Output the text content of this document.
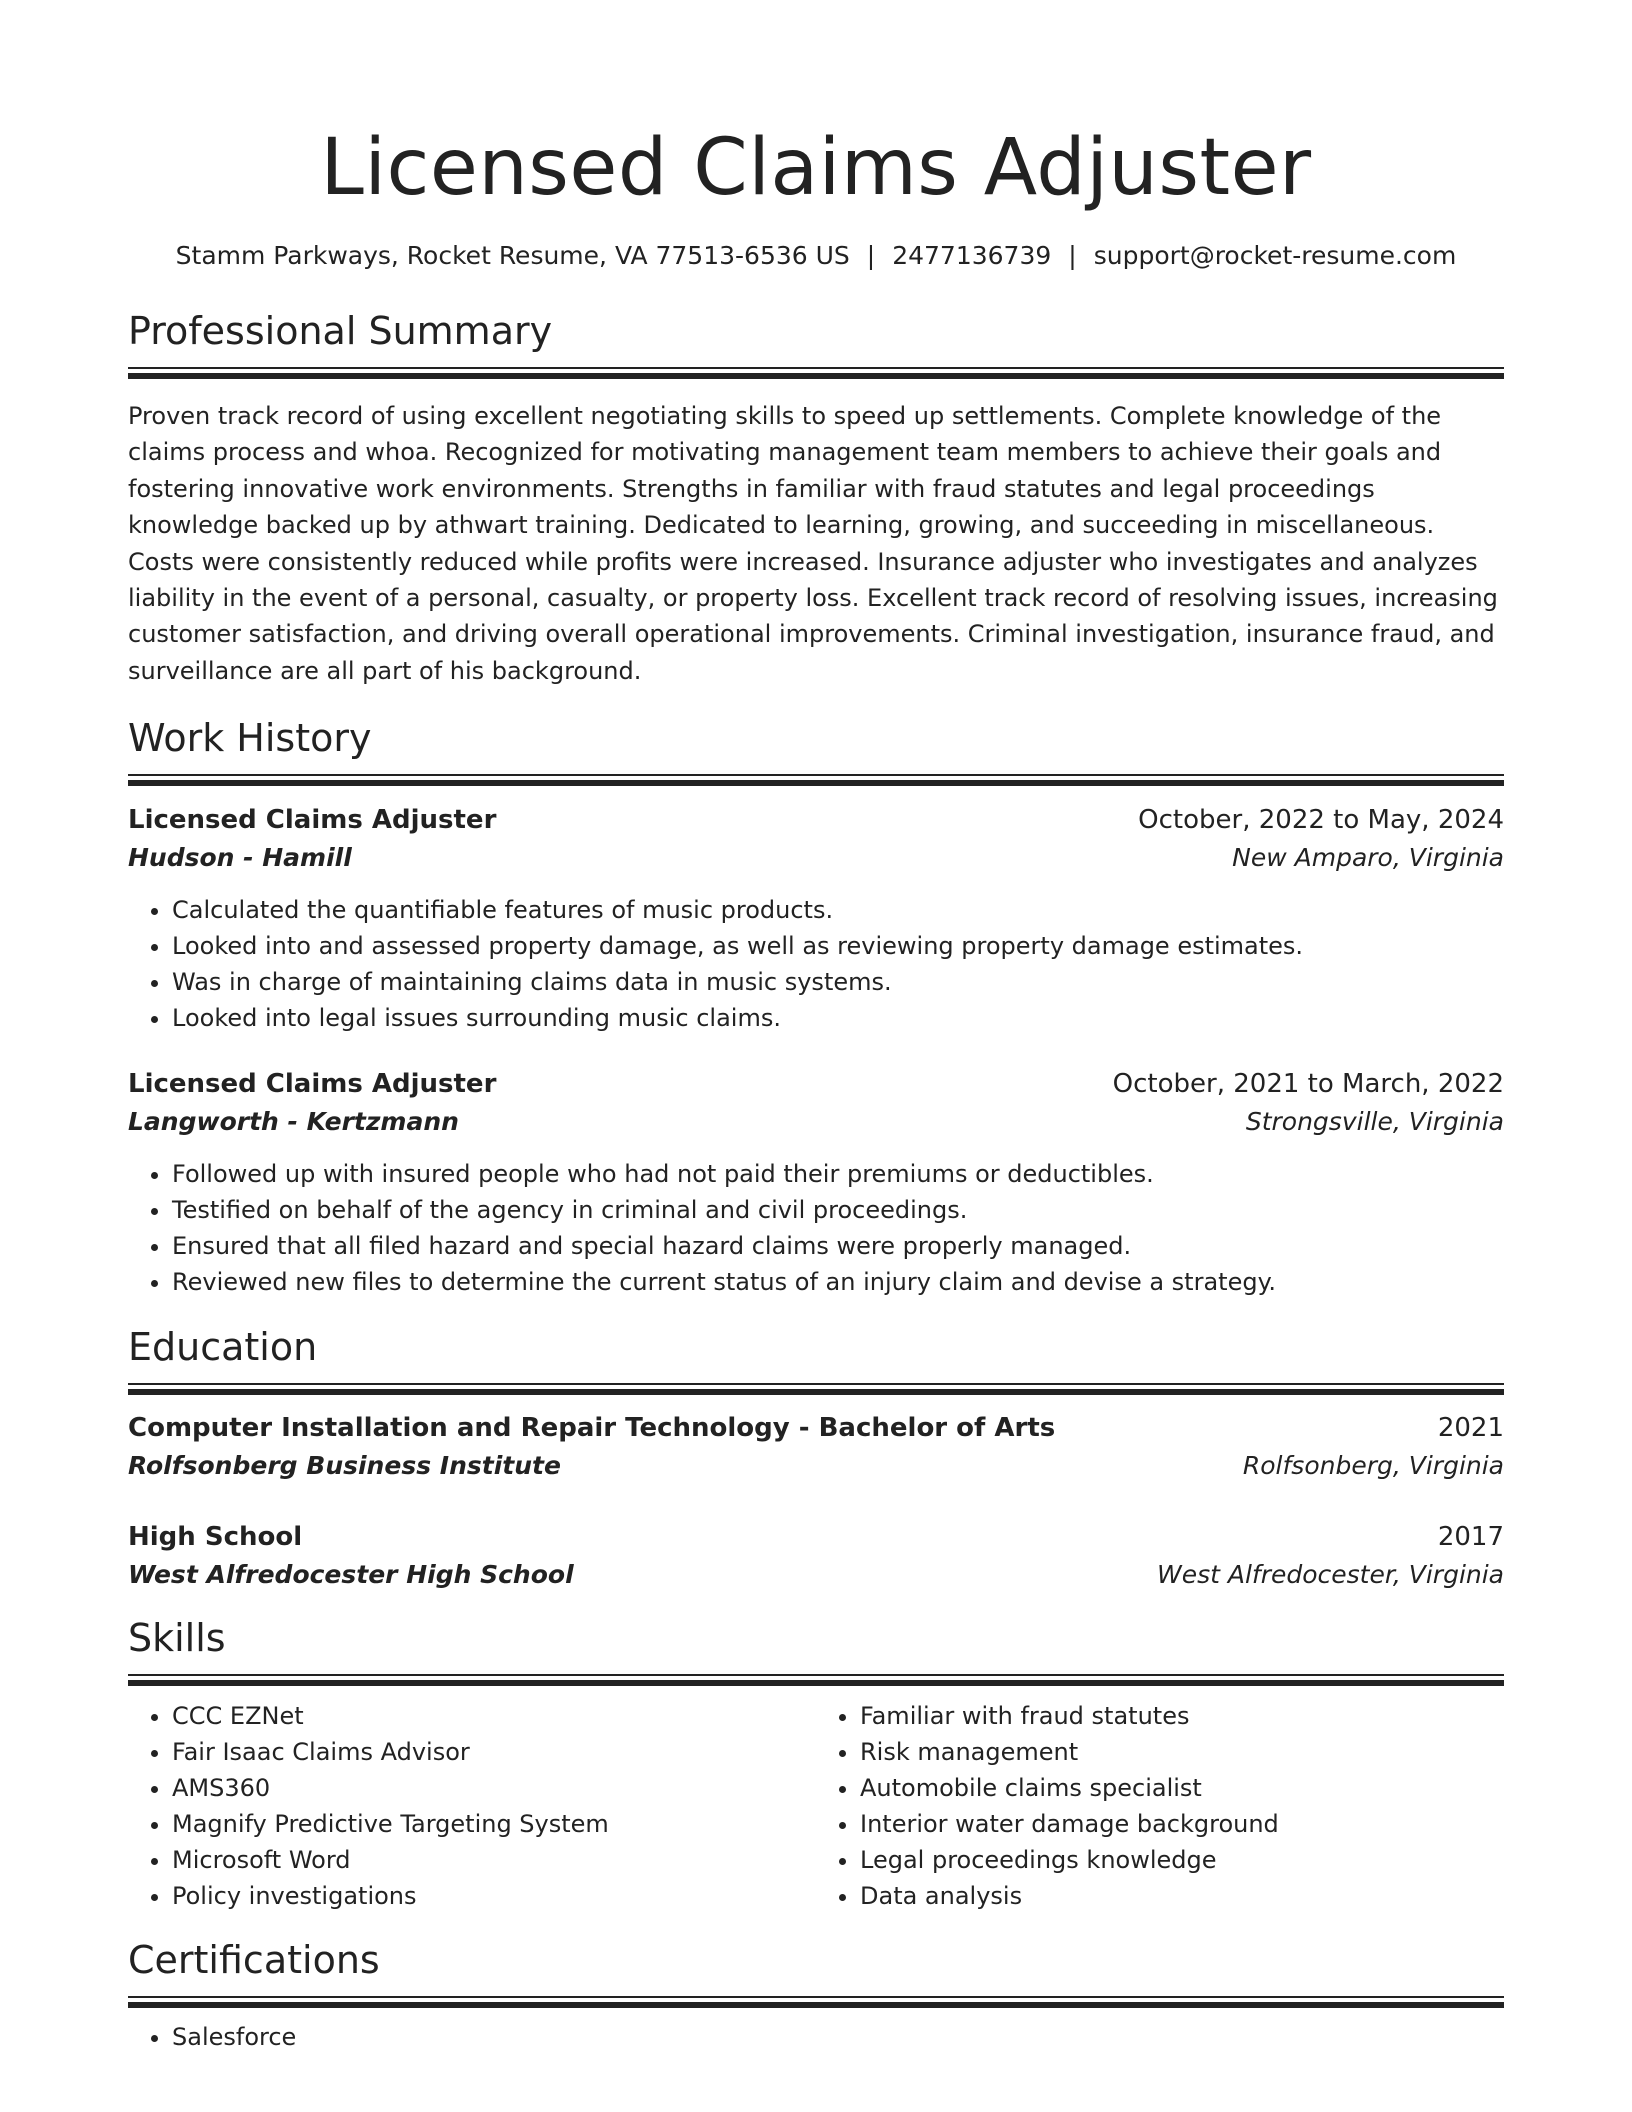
Licensed Claims Adjuster
Stamm Parkways, Rocket Resume, VA 77513-6536 US | 2477136739 | support@rocket-resume.com
Professional Summary
Proven track record of using excellent negotiating skills to speed up settlements. Complete knowledge of the claims process and whoa. Recognized for motivating management team members to achieve their goals and fostering innovative work environments. Strengths in familiar with fraud statutes and legal proceedings knowledge backed up by athwart training. Dedicated to learning, growing, and succeeding in miscellaneous. Costs were consistently reduced while profits were increased. Insurance adjuster who investigates and analyzes liability in the event of a personal, casualty, or property loss. Excellent track record of resolving issues, increasing customer satisfaction, and driving overall operational improvements. Criminal investigation, insurance fraud, and surveillance are all part of his background.
Work History
Licensed Claims Adjuster	October, 2022 to May, 2024
Hudson - Hamill	New Amparo, Virginia
• Calculated the quantifiable features of music products.
• Looked into and assessed property damage, as well as reviewing property damage estimates.
• Was in charge of maintaining claims data in music systems.
• Looked into legal issues surrounding music claims.
Licensed Claims Adjuster	October, 2021 to March, 2022
Langworth - Kertzmann	Strongsville, Virginia
• Followed up with insured people who had not paid their premiums or deductibles.
• Testified on behalf of the agency in criminal and civil proceedings.
• Ensured that all filed hazard and special hazard claims were properly managed.
• Reviewed new files to determine the current status of an injury claim and devise a strategy.
Education
Computer Installation and Repair Technology - Bachelor of Arts	2021
Rolfsonberg Business Institute	Rolfsonberg, Virginia
High School	2017
West Alfredocester High School	West Alfredocester, Virginia
Skills
• CCC EZNet
• Fair Isaac Claims Advisor
• AMS360
• Magnify Predictive Targeting System
• Microsoft Word
• Policy investigations
• Familiar with fraud statutes
• Risk management
• Automobile claims specialist
• Interior water damage background
• Legal proceedings knowledge
• Data analysis
Certifications
• Salesforce
